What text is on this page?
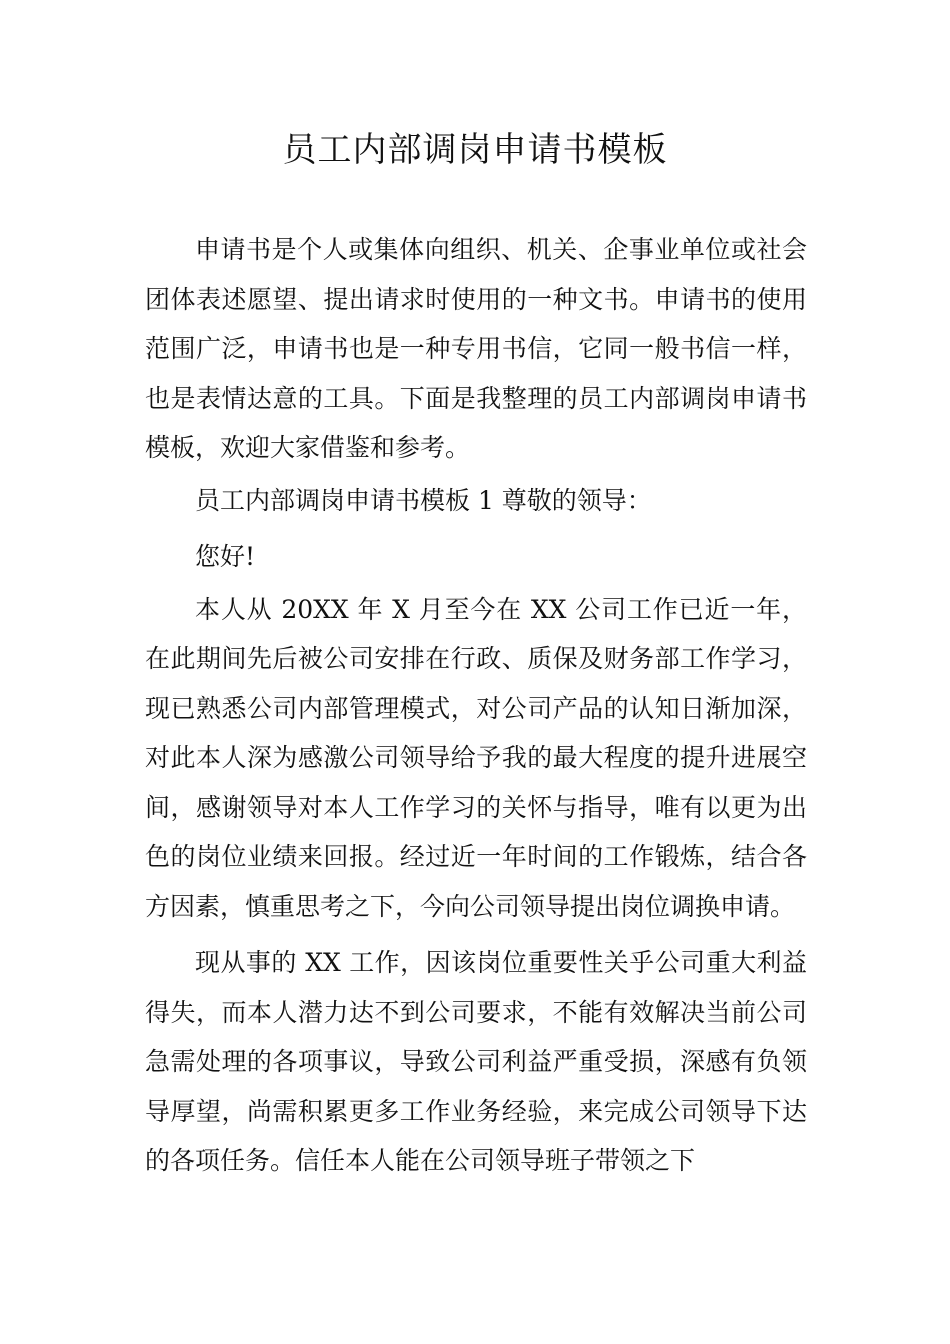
员工内部调岗申请书模板

申请书是个人或集体向组织、机关、企事业单位或社会团体表述愿望、提出请求时使用的一种文书。申请书的使用范围广泛，申请书也是一种专用书信，它同一般书信一样，也是表情达意的工具。下面是我整理的员工内部调岗申请书模板，欢迎大家借鉴和参考。

员工内部调岗申请书模板 1 尊敬的领导：

您好!

本人从 20XX 年 X 月至今在 XX 公司工作已近一年，在此期间先后被公司安排在行政、质保及财务部工作学习，现已熟悉公司内部管理模式，对公司产品的认知日渐加深，对此本人深为感激公司领导给予我的最大程度的提升进展空间，感谢领导对本人工作学习的关怀与指导，唯有以更为出色的岗位业绩来回报。经过近一年时间的工作锻炼，结合各方因素，慎重思考之下，今向公司领导提出岗位调换申请。

现从事的 XX 工作，因该岗位重要性关乎公司重大利益得失，而本人潜力达不到公司要求，不能有效解决当前公司急需处理的各项事议，导致公司利益严重受损，深感有负领导厚望，尚需积累更多工作业务经验，来完成公司领导下达的各项任务。信任本人能在公司领导班子带领之下
